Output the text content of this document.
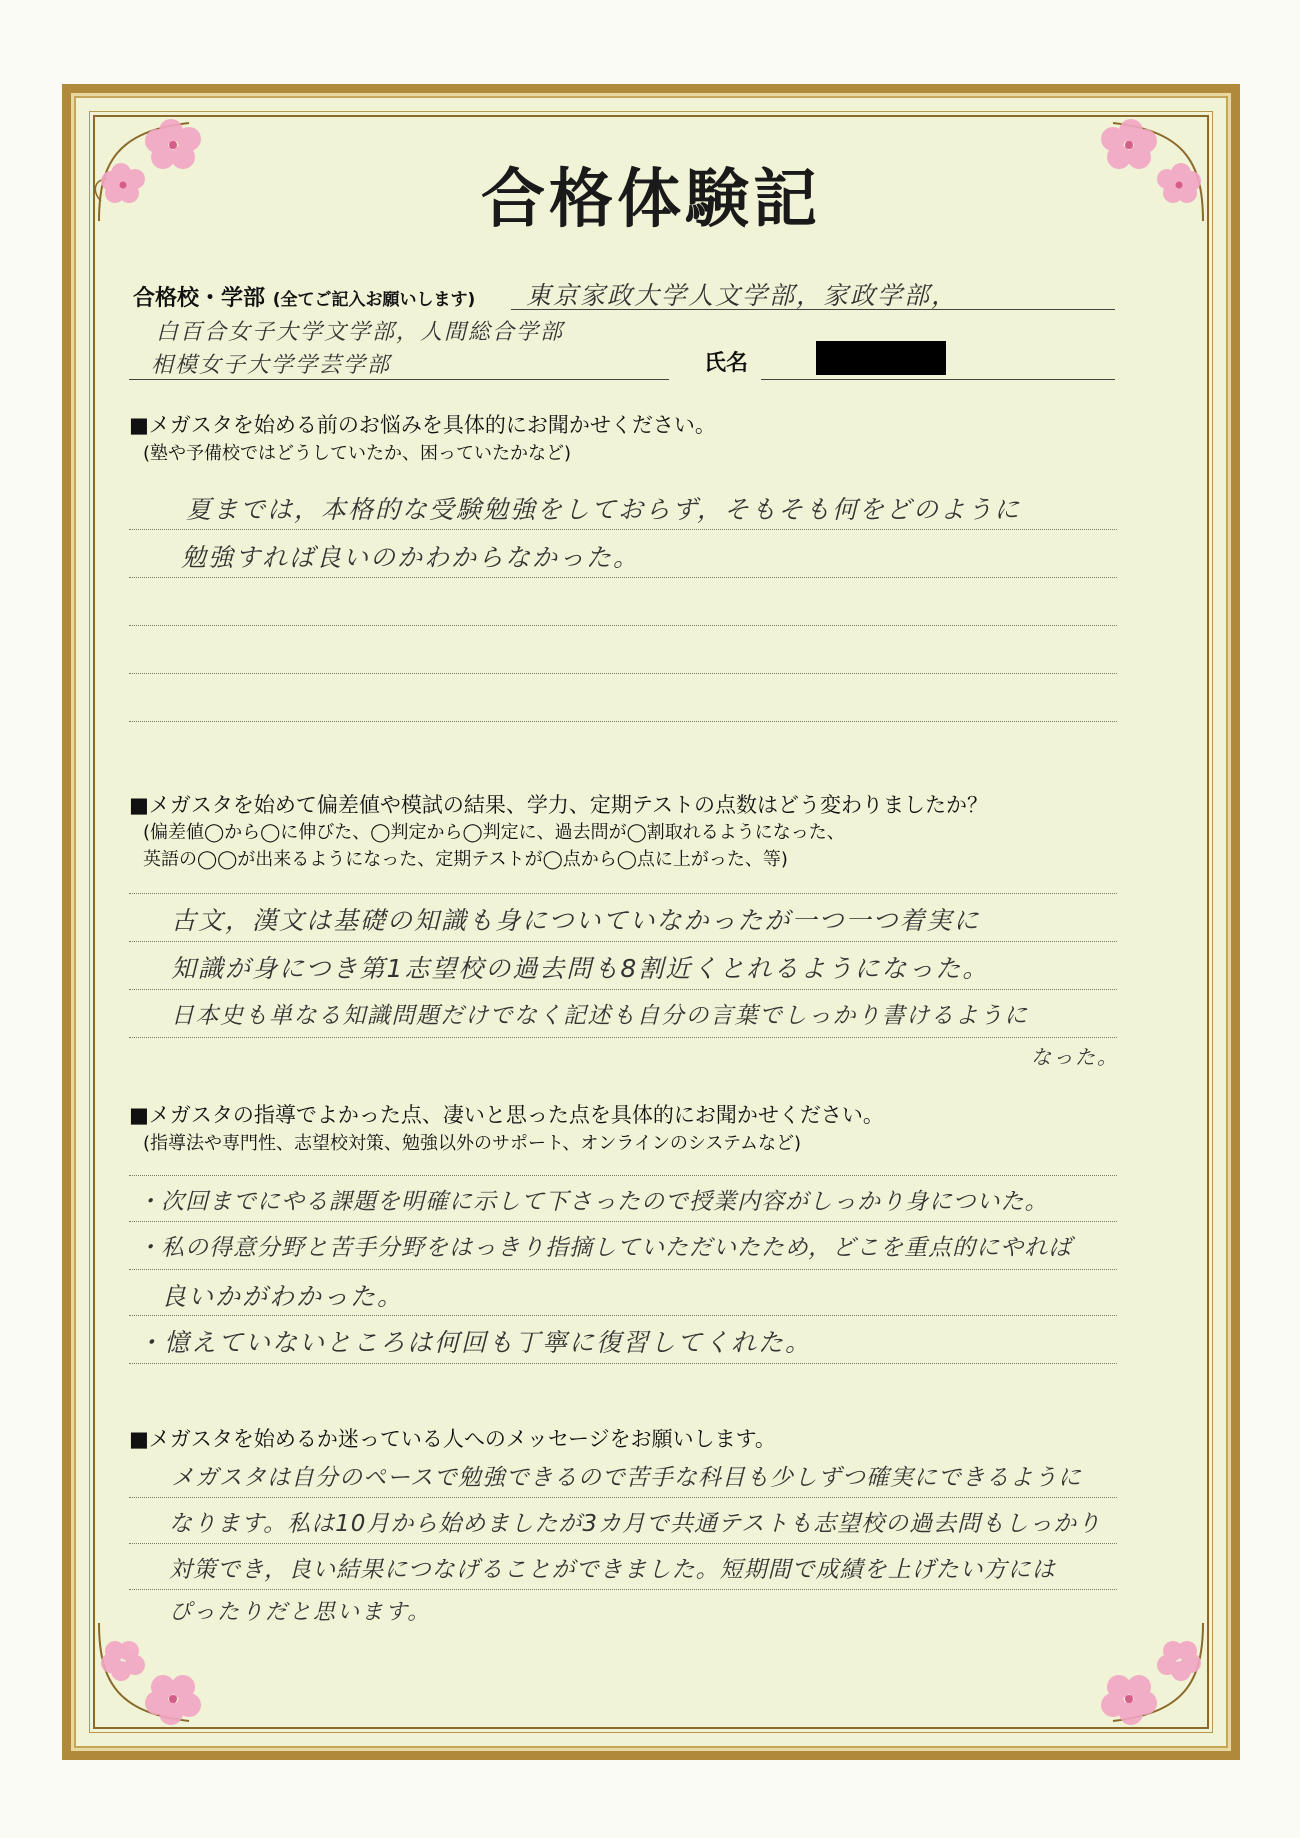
合格体験記
合格校・学部 (全てご記入お願いします) 東京家政大学人文学部，家政学部，
白百合女子大学文学部，人間総合学部
相模女子大学学芸学部	氏名
■メガスタを始める前のお悩みを具体的にお聞かせください。
(塾や予備校ではどうしていたか、困っていたかなど)
夏までは，本格的な受験勉強をしておらず，そもそも何をどのように
勉強すれば良いのかわからなかった。
■メガスタを始めて偏差値や模試の結果、学力、定期テストの点数はどう変わりましたか？
(偏差値◯から◯に伸びた、◯判定から◯判定に、過去問が◯割取れるようになった、
英語の◯◯が出来るようになった、定期テストが◯点から◯点に上がった、等)
古文，漢文は基礎の知識も身についていなかったが一つ一つ着実に
知識が身につき第1志望校の過去問も8割近くとれるようになった。
日本史も単なる知識問題だけでなく記述も自分の言葉でしっかり書けるように
なった。
■メガスタの指導でよかった点、凄いと思った点を具体的にお聞かせください。
(指導法や専門性、志望校対策、勉強以外のサポート、オンラインのシステムなど)
・次回までにやる課題を明確に示して下さったので授業内容がしっかり身についた。
・私の得意分野と苦手分野をはっきり指摘していただいたため，どこを重点的にやれば
良いかがわかった。
・憶えていないところは何回も丁寧に復習してくれた。
■メガスタを始めるか迷っている人へのメッセージをお願いします。
メガスタは自分のペースで勉強できるので苦手な科目も少しずつ確実にできるように
なります。私は10月から始めましたが3カ月で共通テストも志望校の過去問もしっかり
対策でき，良い結果につなげることができました。短期間で成績を上げたい方には
ぴったりだと思います。
